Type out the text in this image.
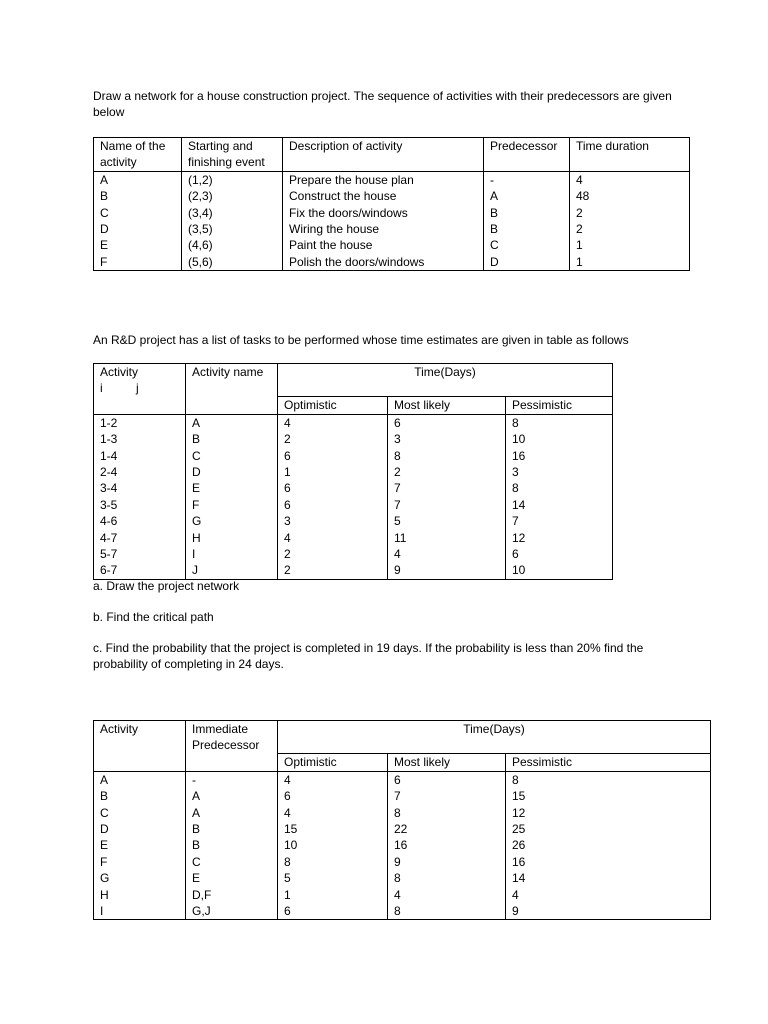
Draw a network for a house construction project. The sequence of activities with their predecessors are given below

Name of the activity	Starting and finishing event	Description of activity	Predecessor	Time duration
A	(1,2)	Prepare the house plan	-	4
B	(2,3)	Construct the house	A	48
C	(3,4)	Fix the doors/windows	B	2
D	(3,5)	Wiring the house	B	2
E	(4,6)	Paint the house	C	1
F	(5,6)	Polish the doors/windows	D	1

An R&D project has a list of tasks to be performed whose time estimates are given in table as follows

Activity
i          j	Activity name	Time(Days)		
		Optimistic	Most likely	Pessimistic
1-2	A	4	6	8
1-3	B	2	3	10
1-4	C	6	8	16
2-4	D	1	2	3
3-4	E	6	7	8
3-5	F	6	7	14
4-6	G	3	5	7
4-7	H	4	11	12
5-7	I	2	4	6
6-7	J	2	9	10

a. Draw the project network

b. Find the critical path

c. Find the probability that the project is completed in 19 days. If the probability is less than 20% find the probability of completing in 24 days.

Activity	Immediate Predecessor	Time(Days)		
		Optimistic	Most likely	Pessimistic
A	-	4	6	8
B	A	6	7	15
C	A	4	8	12
D	B	15	22	25
E	B	10	16	26
F	C	8	9	16
G	E	5	8	14
H	D,F	1	4	4
I	G,J	6	8	9
